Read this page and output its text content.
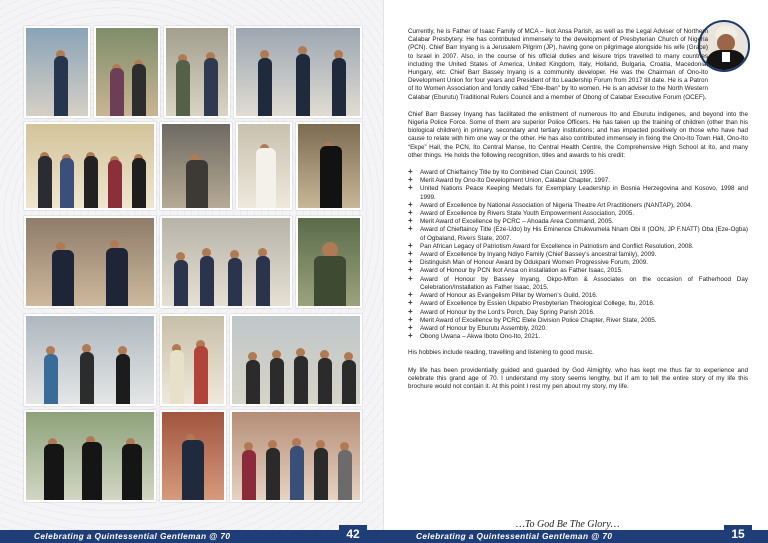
Currently, he is Father of Isaac Family of MCA – Ikot Ansa Parish, as well as the Legal Adviser of Northern Calabar Presbytery. He has contributed immensely to the development of Presbyterian Church of Nigeria (PCN). Chief Barr Inyang is a Jerusalem Pilgrim (JP), having gone on pilgrimage alongside his wife (Grace) to Israel in 2007. Also, in the course of his official duties and leisure trips travelled to many countries including the United States of America, United Kingdom, Italy, Holland, Bulgaria, Croatia, Macedonia, Hungary, etc. Chief Barr Bassey Inyang is a community developer. He was the Chairman of Ono-Ito Development Union for four years and President of Ito Leadership Forum from 2017 till date. He is a Patron of Ito Women Association and fondly called “Ebe-Iban” by Ito women. He is an adviser to the North Western Calabar (Eburutu) Traditional Rulers Council and a member of Obong of Calabar Executive Forum (OCEF).

Chief Barr Bassey Inyang has facilitated the enlistment of numerous Ito and Eburutu indigenes, and beyond into the Nigeria Police Force. Some of them are superior Police Officers. He has taken up the training of children (other than his biological children) in primary, secondary and tertiary institutions; and has impacted positively on those who have had cause to relate with him one way or the other. He has also contributed immensely in fixing the Ono-Ito Town Hall, Ono-Ito “Ekpe” Hall, the PCN, Ito Central Manse, Ito Central Health Centre, the Comprehensive High School at Ito, and many other things. He holds the following recognition, titles and awards to his credit:

+ Award of Chieftaincy Title by Ito Combined Clan Council, 1995.
+ Merit Award by Ono-Ito Development Union, Calabar Chapter, 1997.
+ United Nations Peace Keeping Medals for Exemplary Leadership in Bosnia Herzegovina and Kosovo, 1998 and 1999.
+ Award of Excellence by National Association of Nigeria Theatre Art Practitioners (NANTAP), 2004.
+ Award of Excellence by Rivers State Youth Empowerment Association, 2005.
+ Merit Award of Excellence by PCRC – Ahoada Area Command, 2005.
+ Award of Chieftaincy Title (Eze-Udo) by His Eminence Chukwumela Nnam Obi II (OON, JP F.NATT) Oba (Eze-Ogba) of Ogbaland, Rivers State, 2007.
+ Pan African Legacy of Patriotism Award for Excellence in Patriotism and Conflict Resolution, 2008.
+ Award of Excellence by Inyang Ndiyo Family (Chief Bassey’s ancestral family), 2009.
+ Distinguish Man of Honour Award by Odukpani Women Progressive Forum, 2009.
+ Award of Honour by PCN Ikot Ansa on installation as Father Isaac, 2015.
+ Award of Honour by Bassey Inyang, Okpo-Mfon & Associates on the occasion of Fatherhood Day Celebration/Installation as Father Isaac, 2015.
+ Award of Honour as Evangelism Pillar by Women’s Guild, 2016.
+ Award of Excellence by Essien Ukpabio Presbyterian Theological College, Itu, 2016.
+ Award of Honour by the Lord’s Porch, Day Spring Parish 2016.
+ Merit Award of Excellence by PCRC Elele Division Police Chapter, River State, 2005.
+ Award of Honour by Eburutu Assembly, 2020.
+ Obong Uwana – Akwa Iboto Ono-Ito, 2021.

His hobbies include reading, travelling and listening to good music.

My life has been providentially guided and guarded by God Almighty. who has kept me thus far to experience and celebrate this grand age of 70. I understand my story seems lengthy, but if am to tell the entire story of my life this brochure would not contain it. At this point I rest my pen about my story, my life.

…To God Be The Glory…
Celebrating a Quintessential Gentleman @ 70	42	Celebrating a Quintessential Gentleman @ 70	15
